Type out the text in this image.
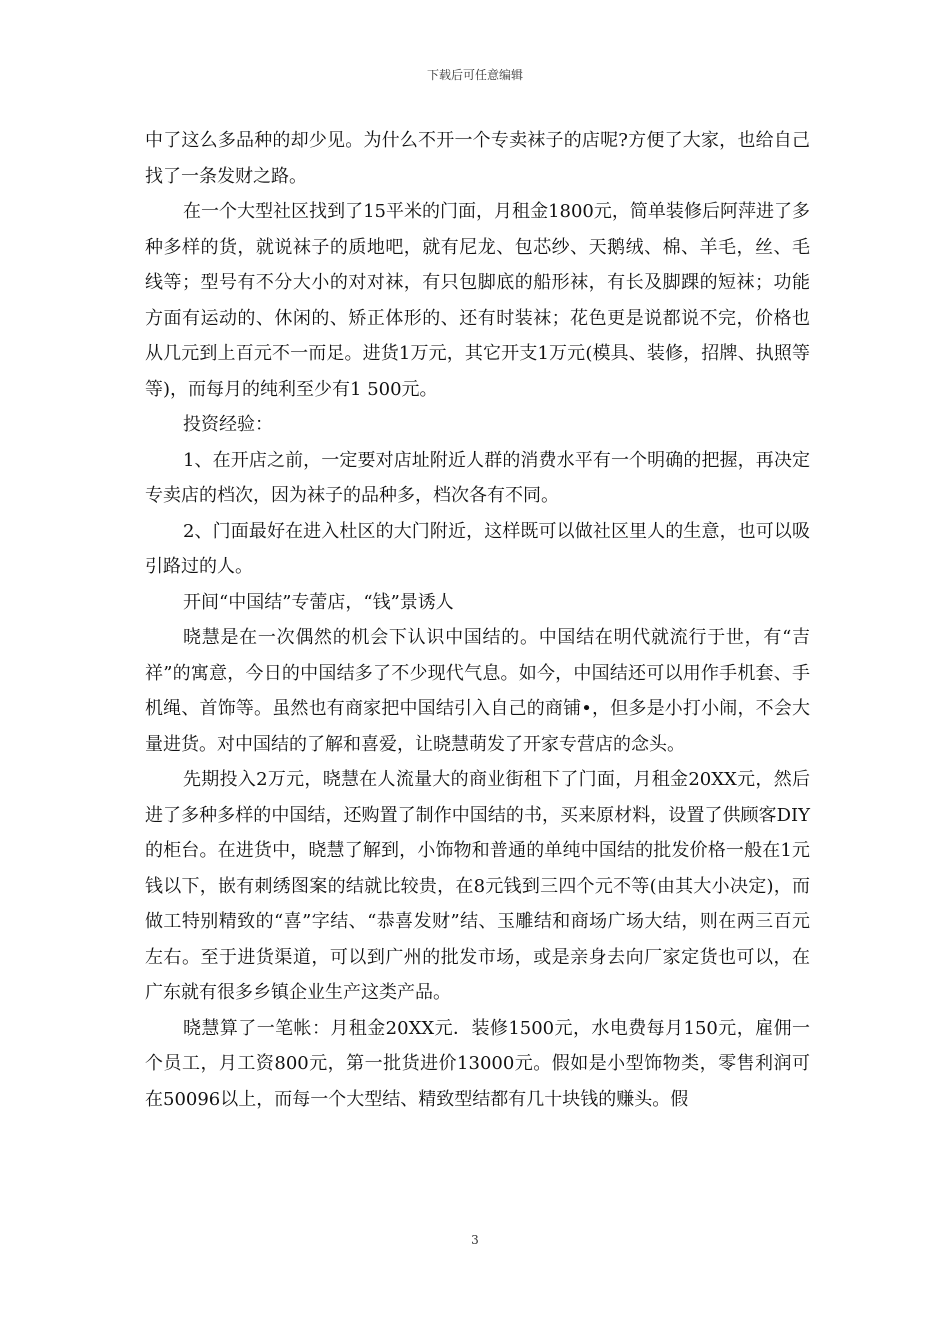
下载后可任意编辑

中了这么多品种的却少见。为什么不开一个专卖袜子的店呢?方便了大家，也给自己找了一条发财之路。

在一个大型社区找到了15平米的门面，月租金1800元，简单装修后阿萍进了多种多样的货，就说袜子的质地吧，就有尼龙、包芯纱、天鹅绒、棉、羊毛，丝、毛线等；型号有不分大小的对对袜，有只包脚底的船形袜，有长及脚踝的短袜；功能方面有运动的、休闲的、矫正体形的、还有时装袜；花色更是说都说不完，价格也从几元到上百元不一而足。进货1万元，其它开支1万元(模具、装修，招牌、执照等等)，而每月的纯利至少有1 500元。

投资经验：

1、在开店之前，一定要对店址附近人群的消费水平有一个明确的把握，再决定专卖店的档次，因为袜子的品种多，档次各有不同。

2、门面最好在进入杜区的大门附近，这样既可以做社区里人的生意，也可以吸引路过的人。

开间“中国结”专蕾店，“钱”景诱人

晓慧是在一次偶然的机会下认识中国结的。中国结在明代就流行于世，有“吉祥”的寓意，今日的中国结多了不少现代气息。如今，中国结还可以用作手机套、手机绳、首饰等。虽然也有商家把中国结引入自己的商铺•，但多是小打小闹，不会大量进货。对中国结的了解和喜爱，让晓慧萌发了开家专营店的念头。

先期投入2万元，晓慧在人流量大的商业街租下了门面，月租金20XX元，然后进了多种多样的中国结，还购置了制作中国结的书，买来原材料，设置了供顾客DIY的柜台。在进货中，晓慧了解到，小饰物和普通的单纯中国结的批发价格一般在1元钱以下，嵌有刺绣图案的结就比较贵，在8元钱到三四个元不等(由其大小决定)，而做工特别精致的“喜”字结、“恭喜发财”结、玉雕结和商场广场大结，则在两三百元左右。至于进货渠道，可以到广州的批发市场，或是亲身去向厂家定货也可以，在广东就有很多乡镇企业生产这类产品。

晓慧算了一笔帐：月租金20XX元．装修1500元，水电费每月150元，雇佣一个员工，月工资800元，第一批货进价13000元。假如是小型饰物类，零售利润可在50096以上，而每一个大型结、精致型结都有几十块钱的赚头。假

3
